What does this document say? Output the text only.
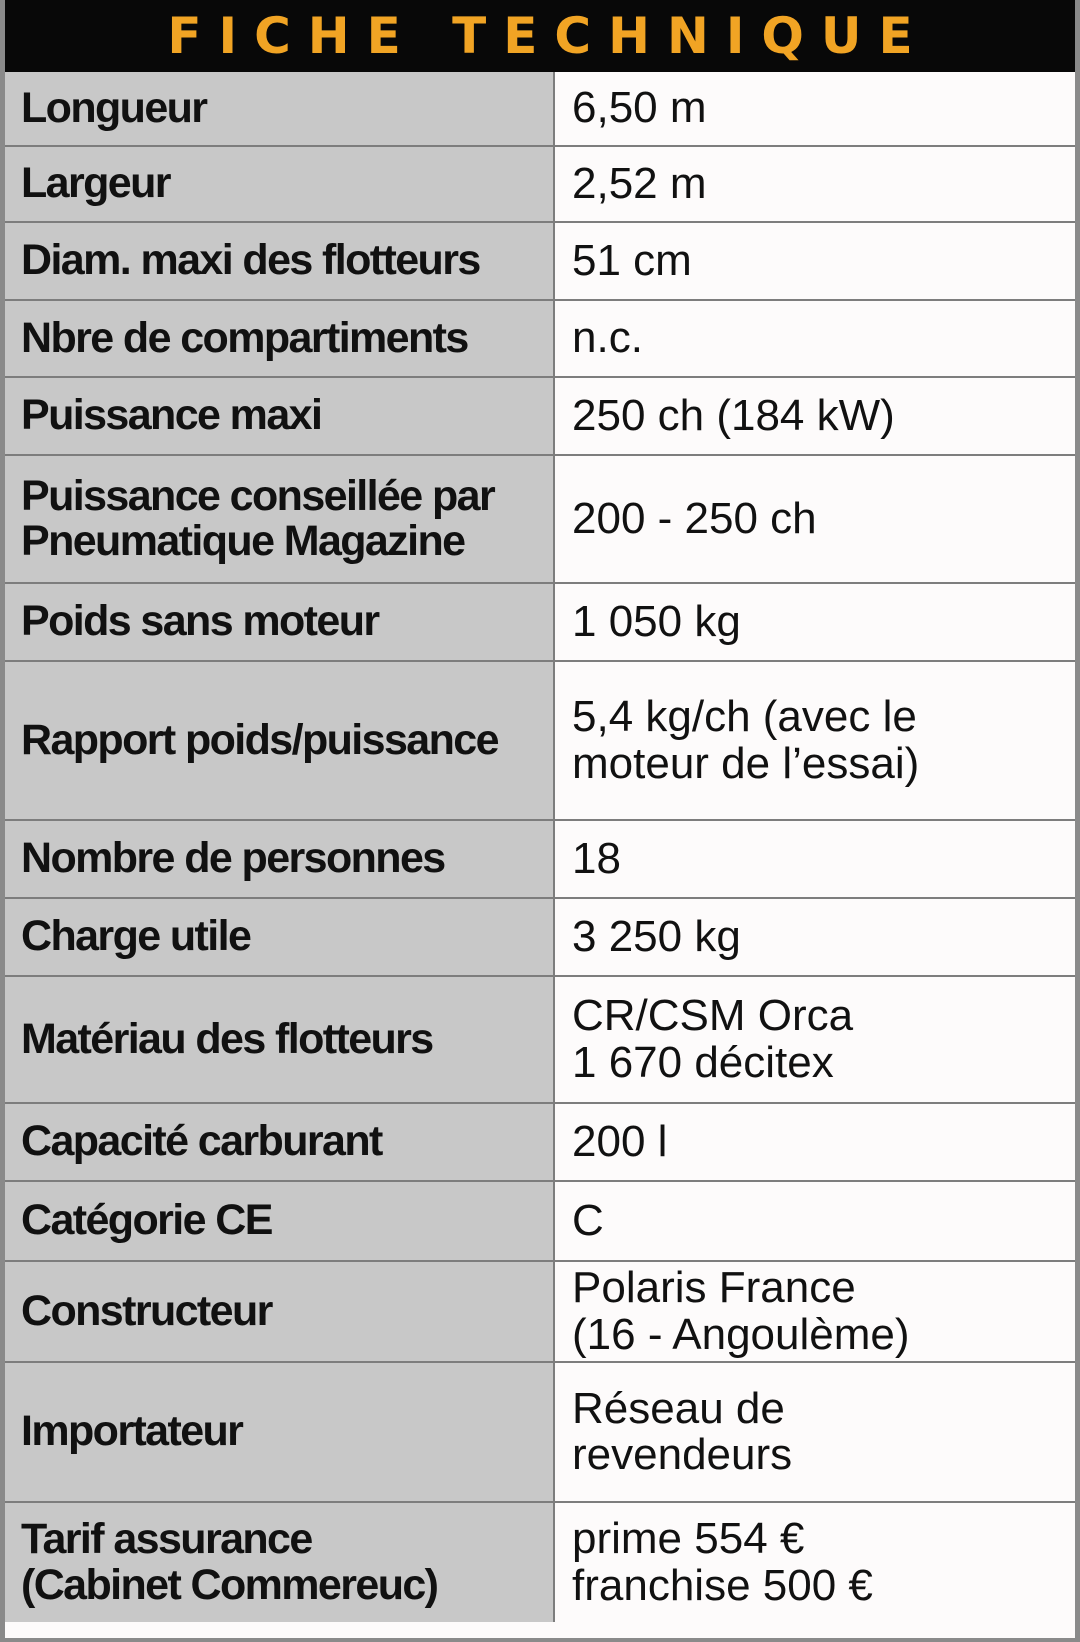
FICHE TECHNIQUE
Longueur	6,50 m

Largeur	2,52 m

Diam. maxi des flotteurs	51 cm

Nbre de compartiments	n.c.

Puissance maxi	250 ch (184 kW)

Puissance conseillée par
Pneumatique Magazine	200 - 250 ch

Poids sans moteur	1 050 kg

Rapport poids/puissance	5,4 kg/ch (avec le
moteur de l’essai)

Nombre de personnes	18

Charge utile	3 250 kg

Matériau des flotteurs	CR/CSM Orca
1 670 décitex

Capacité carburant	200 l

Catégorie CE	C

Constructeur	Polaris France
(16 - Angoulème)

Importateur	Réseau de
revendeurs

Tarif assurance
(Cabinet Commereuc)	prime 554 €
franchise 500 €
